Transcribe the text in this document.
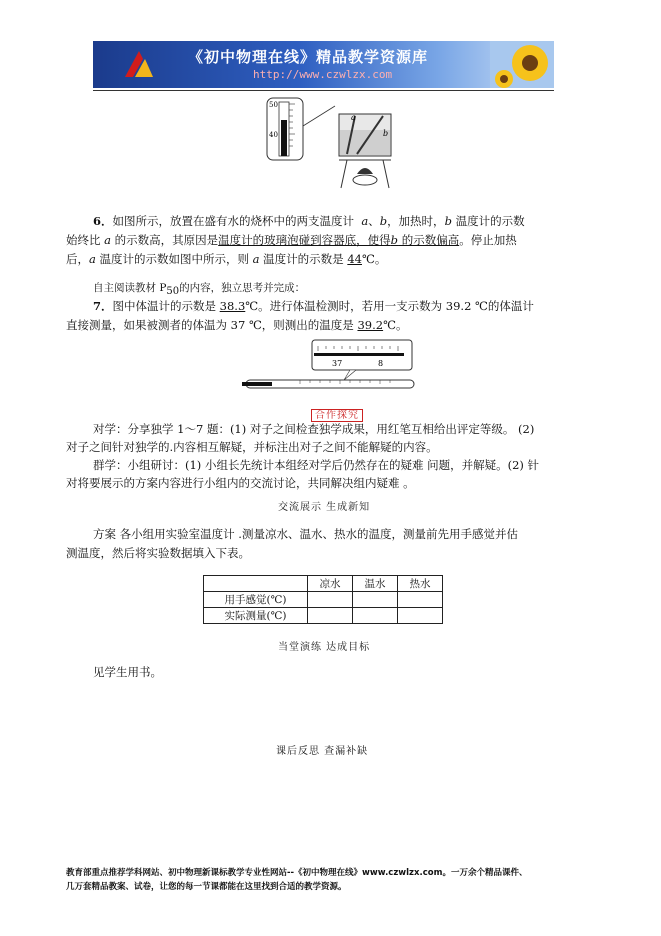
《初中物理在线》精品教学资源库
http://www.czwlzx.com
50
40
a
b
6．如图所示，放置在盛有水的烧杯中的两支温度计 a、b，加热时，b 温度计的示数
始终比 a 的示数高，其原因是温度计的玻璃泡碰到容器底，使得b 的示数偏高。停止加热
后，a 温度计的示数如图中所示，则 a 温度计的示数是 44℃。
自主阅读教材 $P_{50}$的内容，独立思考并完成：
7．图中体温计的示数是 38.3℃。进行体温检测时，若用一支示数为 39.2 ℃的体温计
直接测量，如果被测者的体温为 37 ℃，则测出的温度是 39.2℃。
37	8
合作探究
对学：分享独学 1～7 题：(1) 对子之间检查独学成果，用红笔互相给出评定等级。 (2)
对子之间针对独学的.内容相互解疑，并标注出对子之间不能解疑的内容。
群学：小组研讨：(1) 小组长先统计本组经对学后仍然存在的疑难 问题，并解疑。(2) 针
对将要展示的方案内容进行小组内的交流讨论，共同解决组内疑难 。
交流展示 生成新知
方案 各小组用实验室温度计 .测量凉水、温水、热水的温度，测量前先用手感觉并估
测温度，然后将实验数据填入下表。
	凉水	温水	热水
用手感觉(℃)			
实际测量(℃)			
当堂演练 达成目标
见学生用书。
课后反思 查漏补缺
教育部重点推荐学科网站、初中物理新课标教学专业性网站--《初中物理在线》www.czwlzx.com。一万余个精品课件、
几万套精品教案、试卷，让您的每一节课都能在这里找到合适的教学资源。
